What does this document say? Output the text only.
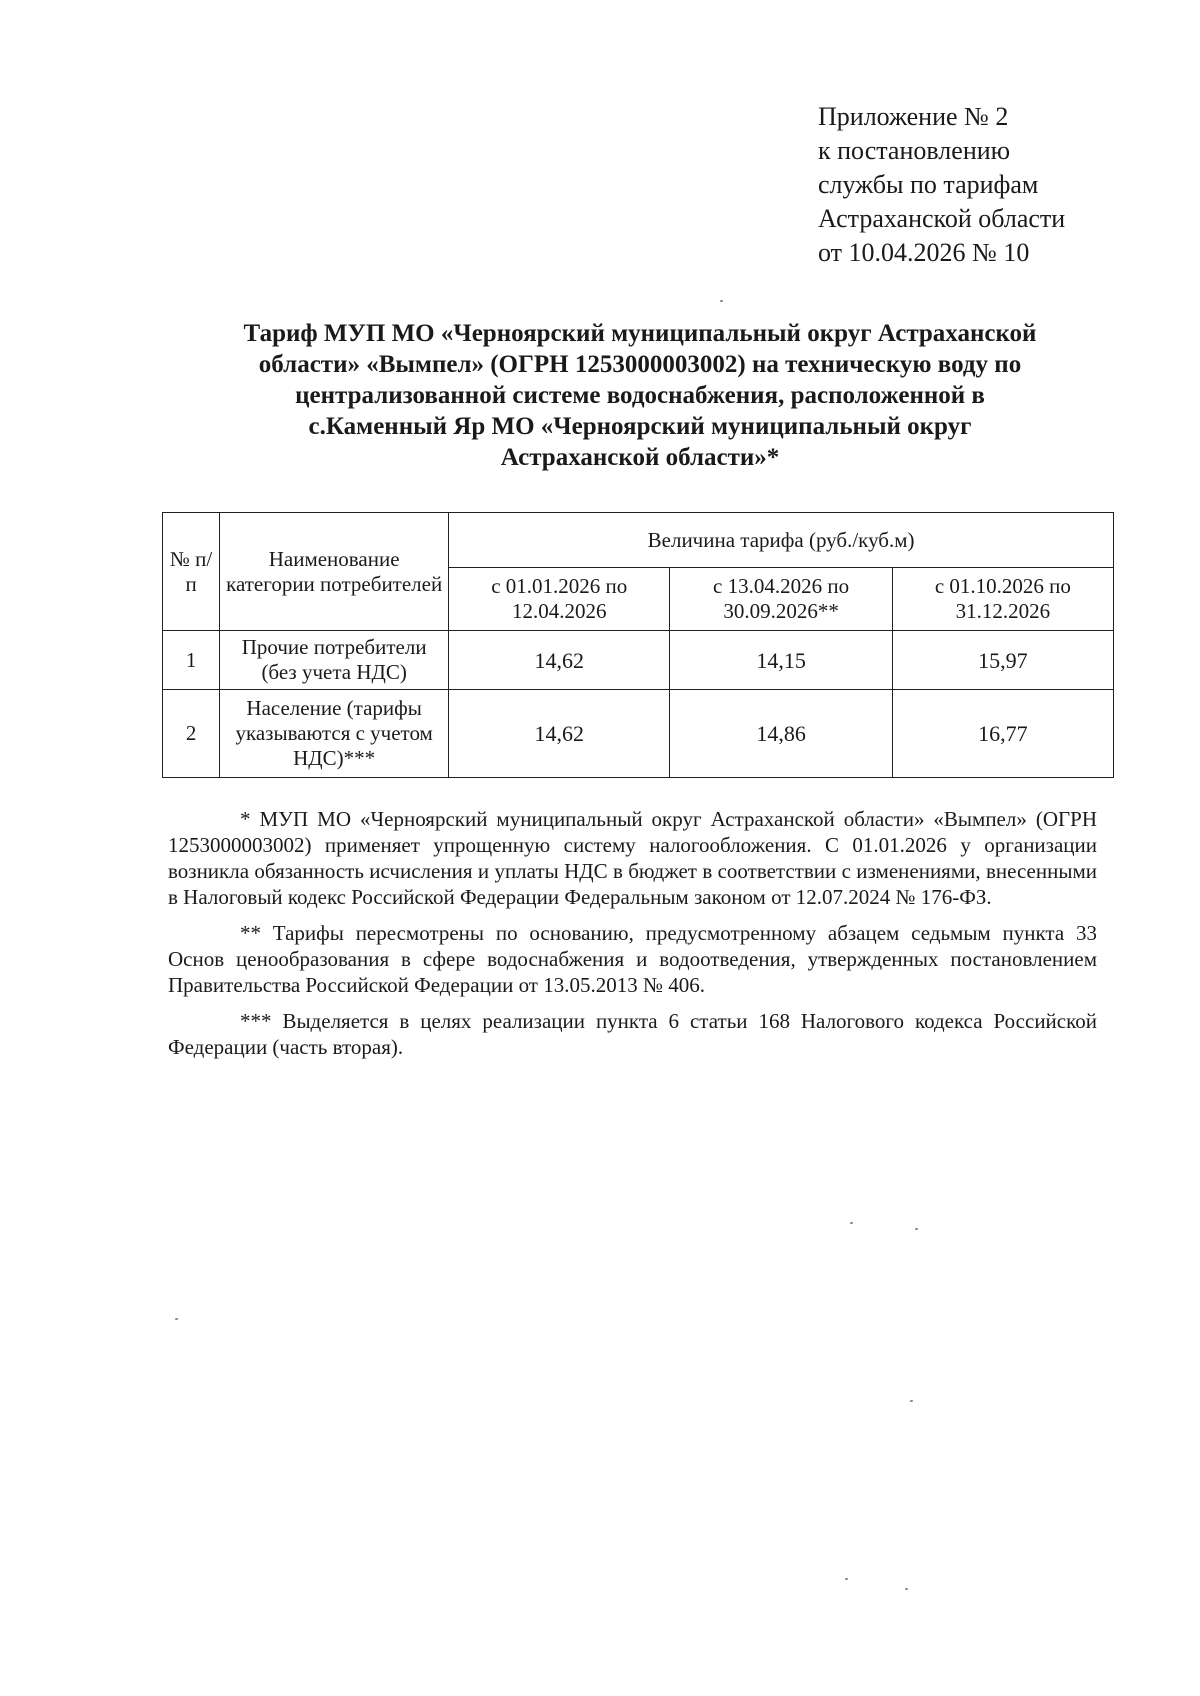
Приложение № 2
к постановлению
службы по тарифам
Астраханской области
от 10.04.2026 № 10
Тариф МУП МО «Черноярский муниципальный округ Астраханской
области» «Вымпел» (ОГРН 1253000003002) на техническую воду по
централизованной системе водоснабжения, расположенной в
с.Каменный Яр МО «Черноярский муниципальный округ
Астраханской области»*
№ п/п	Наименование категории потребителей	Величина тарифа (руб./куб.м)		
		с 01.01.2026 по 12.04.2026	с 13.04.2026 по 30.09.2026**	с 01.10.2026 по 31.12.2026
1	Прочие потребители (без учета НДС)	14,62	14,15	15,97
2	Население (тарифы указываются с учетом НДС)***	14,62	14,86	16,77

* МУП МО «Черноярский муниципальный округ Астраханской области» «Вымпел» (ОГРН 1253000003002) применяет упрощенную систему налогообложения. С 01.01.2026 у организации возникла обязанность исчисления и уплаты НДС в бюджет в соответствии с изменениями, внесенными в Налоговый кодекс Российской Федерации Федеральным законом от 12.07.2024 № 176-ФЗ.

** Тарифы пересмотрены по основанию, предусмотренному абзацем седьмым пункта 33 Основ ценообразования в сфере водоснабжения и водоотведения, утвержденных постановлением Правительства Российской Федерации от 13.05.2013 № 406.

*** Выделяется в целях реализации пункта 6 статьи 168 Налогового кодекса Российской Федерации (часть вторая).
